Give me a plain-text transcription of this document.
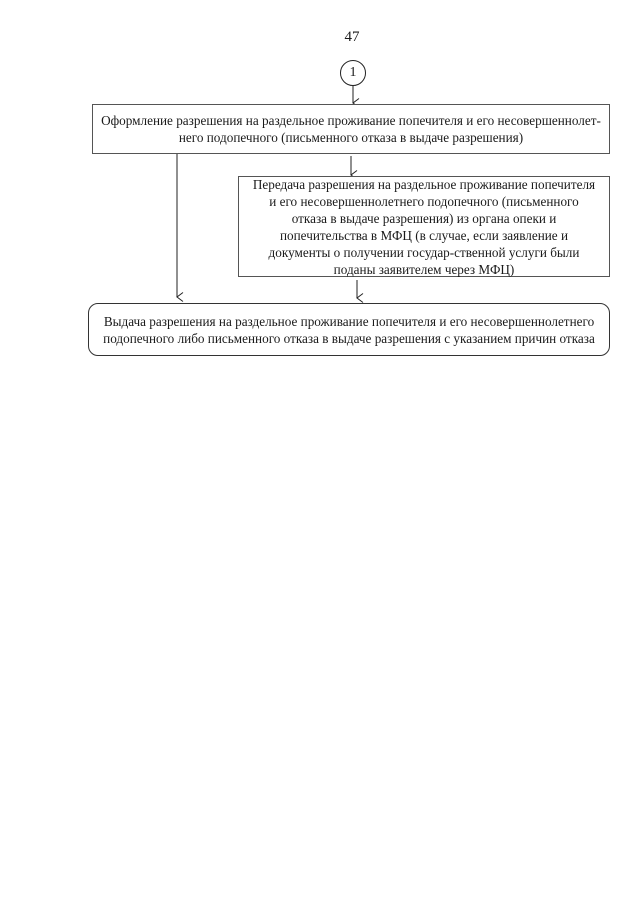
47
1
Оформление разрешения на раздельное проживание попечителя и его несовершеннолет-него подопечного (письменного отказа в выдаче разрешения)
Передача разрешения на раздельное проживание попечителя и его несовершеннолетнего подопечного (письменного отказа в выдаче разрешения) из органа опеки и попечительства в МФЦ (в случае, если заявление и документы о получении государ-ственной услуги были поданы заявителем через МФЦ)
Выдача разрешения на раздельное проживание попечителя и его несовершеннолетнего подопечного либо письменного отказа в выдаче разрешения с указанием причин отказа
